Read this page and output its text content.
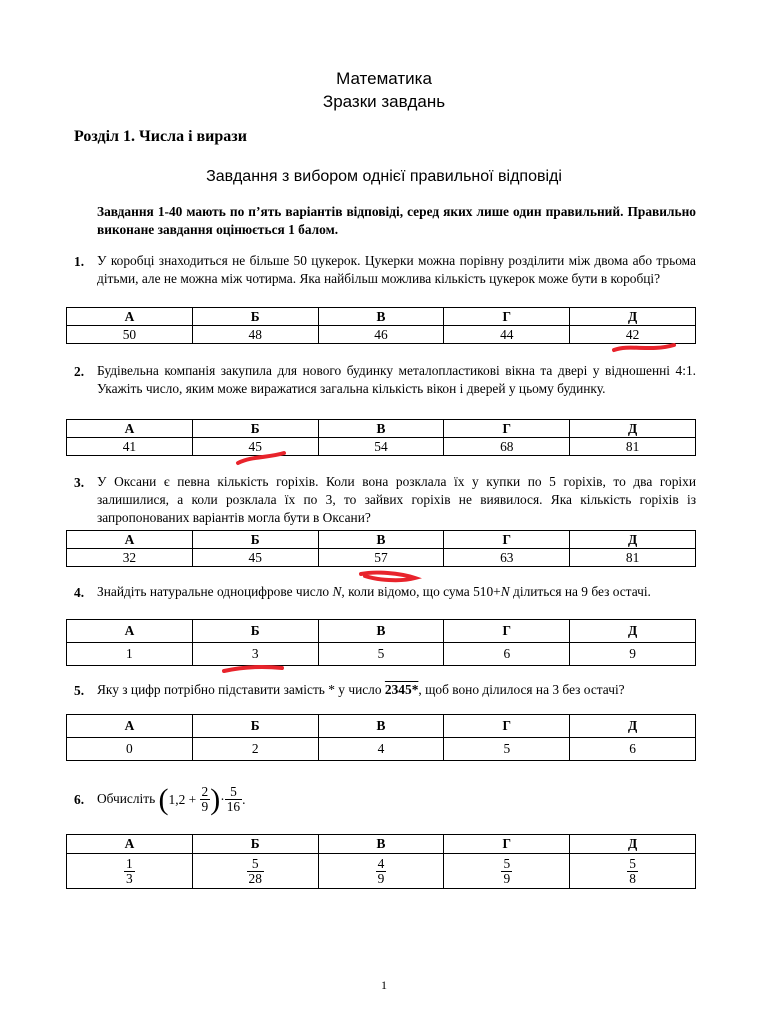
Математика
Зразки завдань
Розділ 1. Числа і вирази
Завдання з вибором однієї правильної відповіді
Завдання 1-40 мають по п’ять варіантів відповіді, серед яких лише один правильний. Правильно виконане завдання оцінюється 1 балом.
1. У коробці знаходиться не більше 50 цукерок. Цукерки можна порівну розділити між двома або трьома дітьми, але не можна між чотирма. Яка найбільш можлива кількість цукерок може бути в коробці?
А	Б	В	Г	Д
50	48	46	44	42
2. Будівельна компанія закупила для нового будинку металопластикові вікна та двері у відношенні 4:1. Укажіть число, яким може виражатися загальна кількість вікон і дверей у цьому будинку.
А	Б	В	Г	Д
41	45	54	68	81
3. У Оксани є певна кількість горіхів. Коли вона розклала їх у купки по 5 горіхів, то два горіхи залишилися, а коли розклала їх по 3, то зайвих горіхів не виявилося. Яка кількість горіхів із запропонованих варіантів могла бути в Оксани?
А	Б	В	Г	Д
32	45	57	63	81
4. Знайдіть натуральне одноцифрове число N, коли відомо, що сума 510+N ділиться на 9 без остачі.
А	Б	В	Г	Д
1	3	5	6	9
5. Яку з цифр потрібно підставити замість * у число 2345*, щоб воно ділилося на 3 без остачі?
А	Б	В	Г	Д
0	2	4	5	6
6. Обчисліть ( 1,2 +
$\frac{2}{9}$ ) · 5
16 .
А	Б	В	Г	Д

$\frac{1}{3}$	$\frac{5}{28}$	$\frac{4}{9}$	$\frac{5}{9}$	$\frac{5}{8}$
1
